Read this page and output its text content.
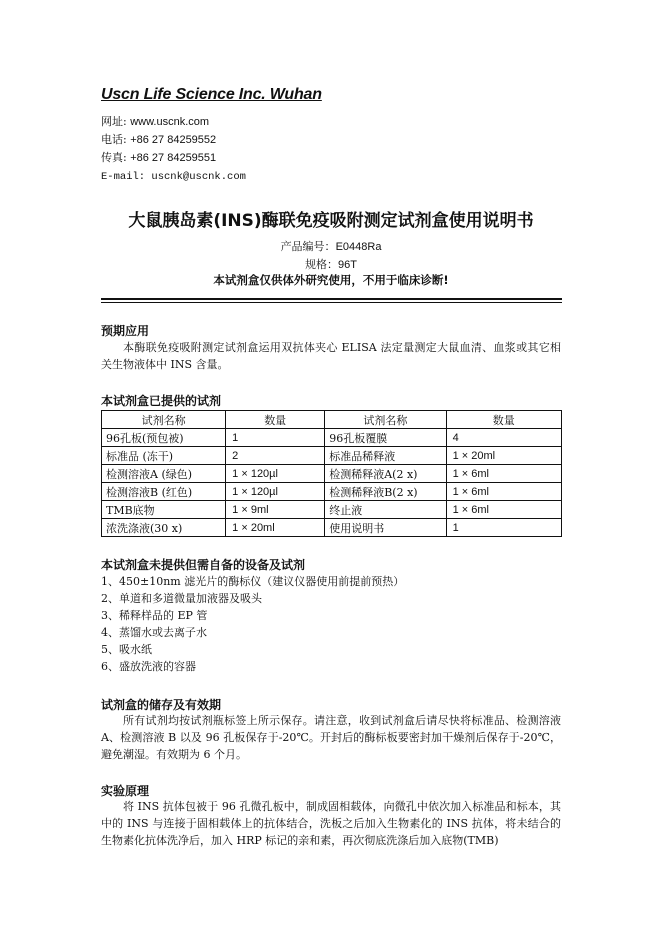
Uscn Life Science Inc. Wuhan
网址: www.uscnk.com
电话: +86 27 84259552
传真: +86 27 84259551
E-mail: uscnk@uscnk.com
大鼠胰岛素(INS)酶联免疫吸附测定试剂盒使用说明书
产品编号：E0448Ra
规格：96T
本试剂盒仅供体外研究使用，不用于临床诊断!
预期应用
本酶联免疫吸附测定试剂盒运用双抗体夹心 ELISA 法定量测定大鼠血清、血浆或其它相关生物液体中 INS 含量。
本试剂盒已提供的试剂
试剂名称	数量	试剂名称	数量
96孔板(预包被)	1	96孔板覆膜	4
标准品 (冻干)	2	标准品稀释液	1 × 20ml
检测溶液A (绿色)	1 × 120µl	检测稀释液A(2 x)	1 × 6ml
检测溶液B (红色)	1 × 120µl	检测稀释液B(2 x)	1 × 6ml
TMB底物	1 × 9ml	终止液	1 × 6ml
浓洗涤液(30 x)	1 × 20ml	使用说明书	1
本试剂盒未提供但需自备的设备及试剂
1、450±10nm 滤光片的酶标仪（建议仪器使用前提前预热）
2、单道和多道微量加液器及吸头
3、稀释样品的 EP 管
4、蒸馏水或去离子水
5、吸水纸
6、盛放洗液的容器
试剂盒的储存及有效期
所有试剂均按试剂瓶标签上所示保存。请注意，收到试剂盒后请尽快将标准品、检测溶液 A、检测溶液 B 以及 96 孔板保存于-20℃。开封后的酶标板要密封加干燥剂后保存于-20℃，避免潮湿。有效期为 6 个月。
实验原理
将 INS 抗体包被于 96 孔微孔板中，制成固相载体，向微孔中依次加入标准品和标本，其中的 INS 与连接于固相载体上的抗体结合，洗板之后加入生物素化的 INS 抗体，将未结合的生物素化抗体洗净后，加入 HRP 标记的亲和素，再次彻底洗涤后加入底物(TMB)
